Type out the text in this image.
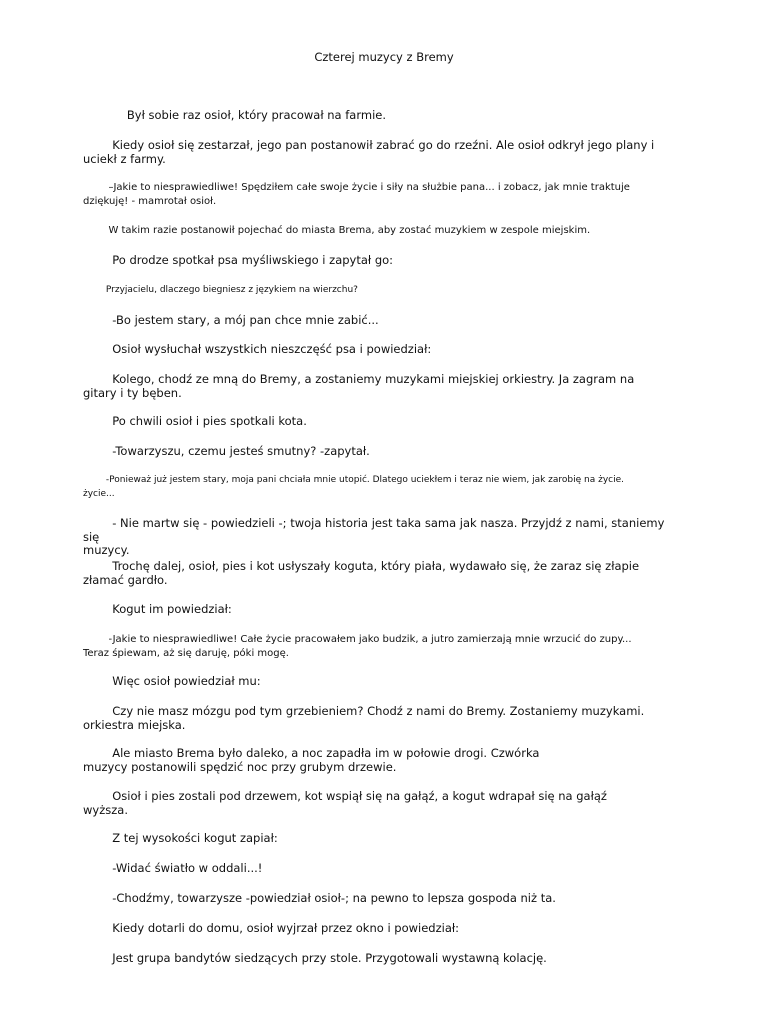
Czterej muzycy z Bremy

Był sobie raz osioł, który pracował na farmie.

Kiedy osioł się zestarzał, jego pan postanowił zabrać go do rzeźni. Ale osioł odkrył jego plany i
uciekł z farmy.

–Jakie to niesprawiedliwe! Spędziłem całe swoje życie i siły na służbie pana... i zobacz, jak mnie traktuje
dziękuję! - mamrotał osioł.

W takim razie postanowił pojechać do miasta Brema, aby zostać muzykiem w zespole miejskim.

Po drodze spotkał psa myśliwskiego i zapytał go:

Przyjacielu, dlaczego biegniesz z językiem na wierzchu?

-Bo jestem stary, a mój pan chce mnie zabić...

Osioł wysłuchał wszystkich nieszczęść psa i powiedział:

Kolego, chodź ze mną do Bremy, a zostaniemy muzykami miejskiej orkiestry. Ja zagram na
gitary i ty bęben.

Po chwili osioł i pies spotkali kota.

-Towarzyszu, czemu jesteś smutny? -zapytał.

-Ponieważ już jestem stary, moja pani chciała mnie utopić. Dlatego uciekłem i teraz nie wiem, jak zarobię na życie.
życie...

- Nie martw się - powiedzieli -; twoja historia jest taka sama jak nasza. Przyjdź z nami, staniemy się
muzycy.

Trochę dalej, osioł, pies i kot usłyszały koguta, który piała, wydawało się, że zaraz się złapie
złamać gardło.

Kogut im powiedział:

-Jakie to niesprawiedliwe! Całe życie pracowałem jako budzik, a jutro zamierzają mnie wrzucić do zupy...
Teraz śpiewam, aż się daruję, póki mogę.

Więc osioł powiedział mu:

Czy nie masz mózgu pod tym grzebieniem? Chodź z nami do Bremy. Zostaniemy muzykami.
orkiestra miejska.

Ale miasto Brema było daleko, a noc zapadła im w połowie drogi. Czwórka
muzycy postanowili spędzić noc przy grubym drzewie.

Osioł i pies zostali pod drzewem, kot wspiął się na gałąź, a kogut wdrapał się na gałąź
wyższa.

Z tej wysokości kogut zapiał:

-Widać światło w oddali...!

-Chodźmy, towarzysze -powiedział osioł-; na pewno to lepsza gospoda niż ta.

Kiedy dotarli do domu, osioł wyjrzał przez okno i powiedział:

Jest grupa bandytów siedzących przy stole. Przygotowali wystawną kolację.
